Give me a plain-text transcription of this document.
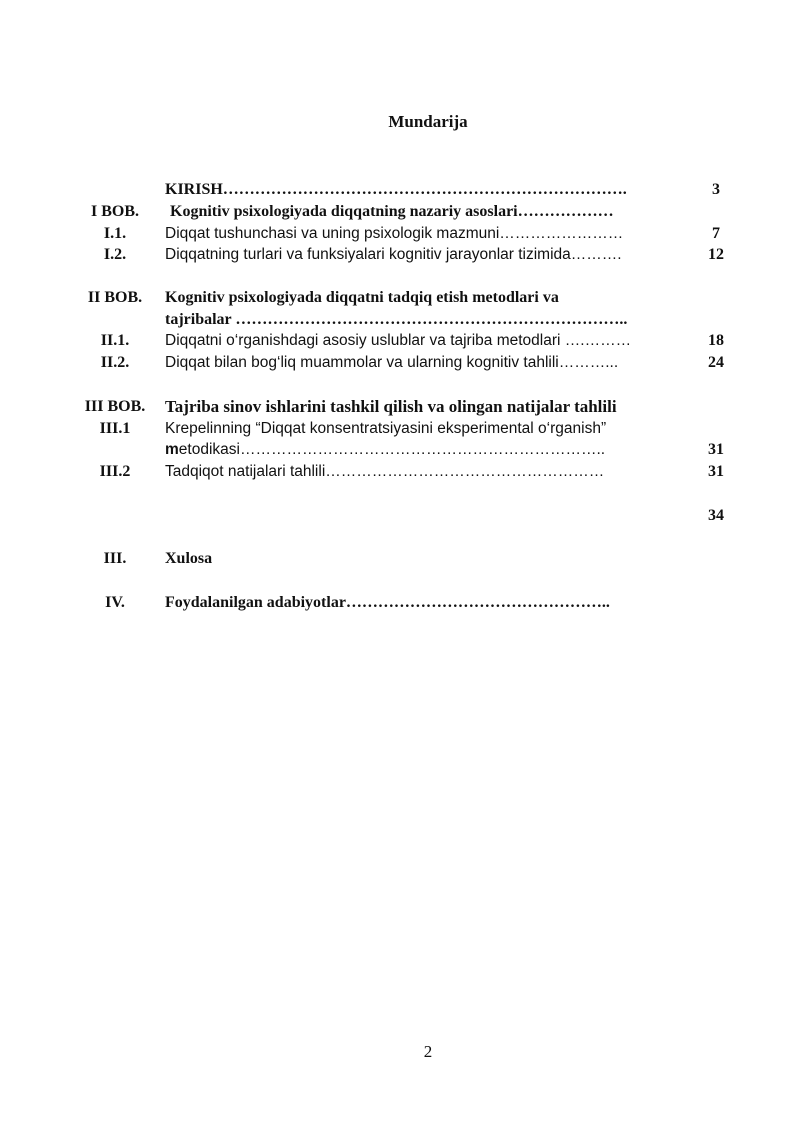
Mundarija
KIRISH………………………………………………………………….	3
I BOB.	Kognitiv psixologiyada diqqatning nazariy asoslari………………
I.1.	Diqqat tushunchasi va uning psixologik mazmuni……………………	7
I.2.	Diqqatning turlari va funksiyalari kognitiv jarayonlar tizimida……….	12
II BOB.	Kognitiv psixologiyada diqqatni tadqiq etish metodlari va
tajribalar ………………………………………………………………..
II.1.	Diqqatni o‘rganishdagi asosiy uslublar va tajriba metodlari ….………	18
II.2.	Diqqat bilan bog‘liq muammolar va ularning kognitiv tahlili………...	24
III BOB.	Tajriba sinov ishlarini tashkil qilish va olingan natijalar tahlili
III.1	Krepelinning “Diqqat konsentratsiyasini eksperimental o‘rganish”
metodikasi……………………………………………………………..	31
III.2	Tadqiqot natijalari tahlili………………………………………………	31
34
III.	Xulosa
IV.	Foydalanilgan adabiyotlar…………………………………………..
2
